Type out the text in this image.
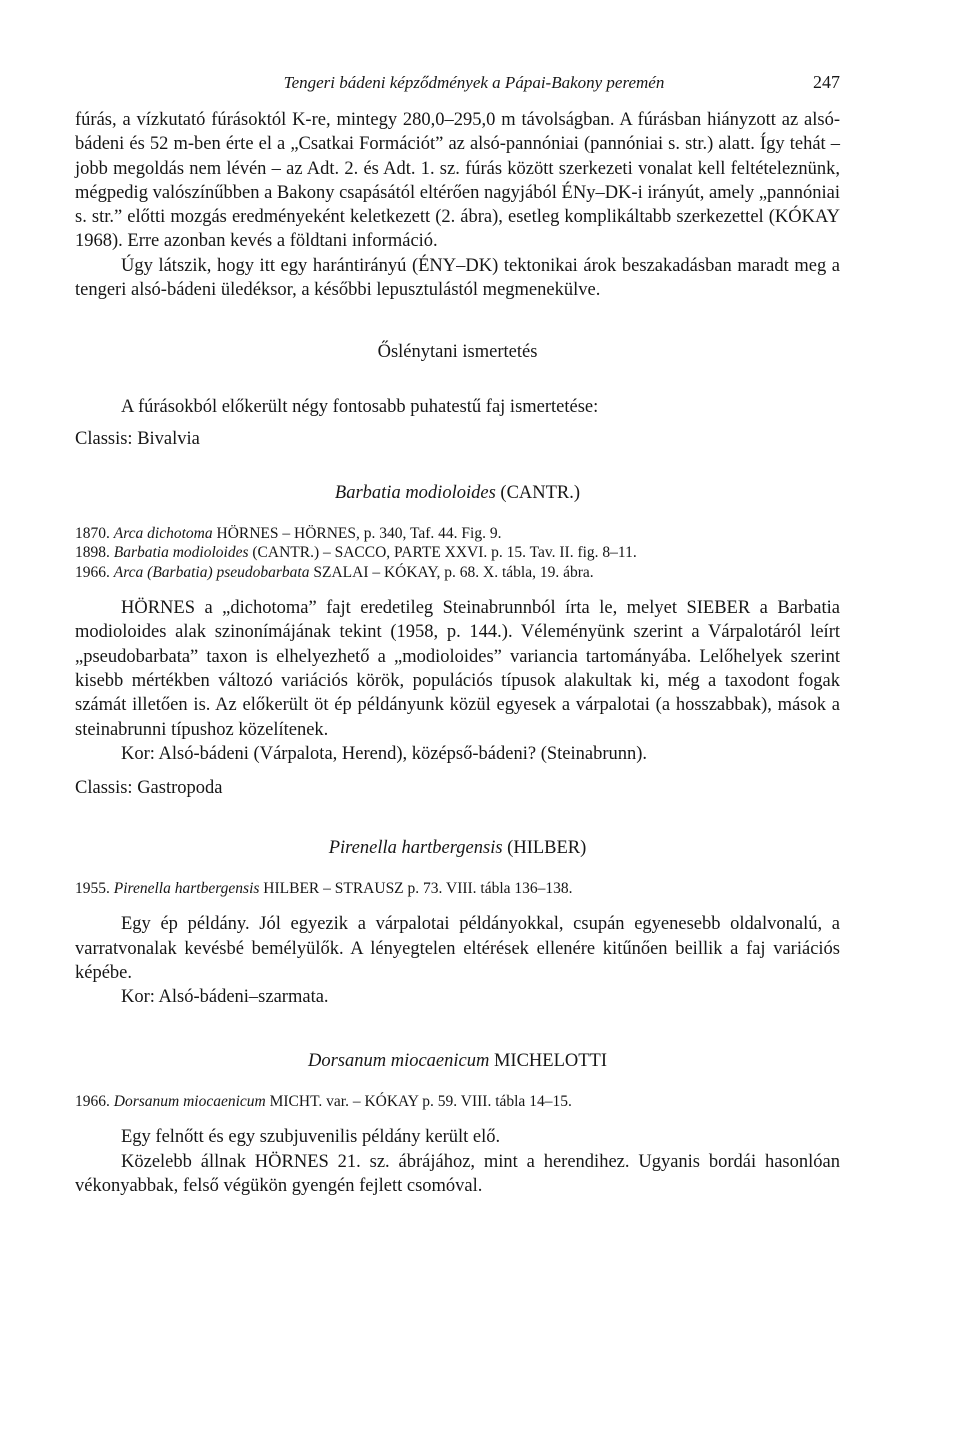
Tengeri bádeni képződmények a Pápai-Bakony peremén	247

fúrás, a vízkutató fúrásoktól K-re, mintegy 280,0–295,0 m távolságban. A fúrásban hiányzott az alsó-bádeni és 52 m-ben érte el a „Csatkai Formációt” az alsó-pannóniai (pannóniai s. str.) alatt. Így tehát – jobb megoldás nem lévén – az Adt. 2. és Adt. 1. sz. fúrás között szerkezeti vonalat kell feltételeznünk, mégpedig valószínűbben a Bakony csapásától eltérően nagyjából ÉNy–DK-i irányút, amely „pannóniai s. str.” előtti mozgás eredményeként keletkezett (2. ábra), esetleg komplikáltabb szerkezettel (KÓKAY 1968). Erre azonban kevés a földtani információ.

Úgy látszik, hogy itt egy harántirányú (ÉNY–DK) tektonikai árok beszakadásban maradt meg a tengeri alsó-bádeni üledéksor, a későbbi lepusztulástól megmenekülve.

Őslénytani ismertetés

A fúrásokból előkerült négy fontosabb puhatestű faj ismertetése:

Classis: Bivalvia

Barbatia modioloides (CANTR.)

1870. Arca dichotoma HÖRNES – HÖRNES, p. 340, Taf. 44. Fig. 9.

1898. Barbatia modioloides (CANTR.) – SACCO, PARTE XXVI. p. 15. Tav. II. fig. 8–11.

1966. Arca (Barbatia) pseudobarbata SZALAI – KÓKAY, p. 68. X. tábla, 19. ábra.

HÖRNES a „dichotoma” fajt eredetileg Steinabrunnból írta le, melyet SIEBER a Barbatia modioloides alak szinonímájának tekint (1958, p. 144.). Véleményünk szerint a Várpalotáról leírt „pseudobarbata” taxon is elhelyezhető a „modioloides” variancia tartományába. Lelőhelyek szerint kisebb mértékben változó variációs körök, populációs típusok alakultak ki, még a taxodont fogak számát illetően is. Az előkerült öt ép példányunk közül egyesek a várpalotai (a hosszabbak), mások a steinabrunni típushoz közelítenek.

Kor: Alsó-bádeni (Várpalota, Herend), középső-bádeni? (Steinabrunn).

Classis: Gastropoda

Pirenella hartbergensis (HILBER)

1955. Pirenella hartbergensis HILBER – STRAUSZ p. 73. VIII. tábla 136–138.

Egy ép példány. Jól egyezik a várpalotai példányokkal, csupán egyenesebb oldalvonalú, a varratvonalak kevésbé bemélyülők. A lényegtelen eltérések ellenére kitűnően beillik a faj variációs képébe.

Kor: Alsó-bádeni–szarmata.

Dorsanum miocaenicum MICHELOTTI

1966. Dorsanum miocaenicum MICHT. var. – KÓKAY p. 59. VIII. tábla 14–15.

Egy felnőtt és egy szubjuvenilis példány került elő.

Közelebb állnak HÖRNES 21. sz. ábrájához, mint a herendihez. Ugyanis bordái hasonlóan vékonyabbak, felső végükön gyengén fejlett csomóval.
